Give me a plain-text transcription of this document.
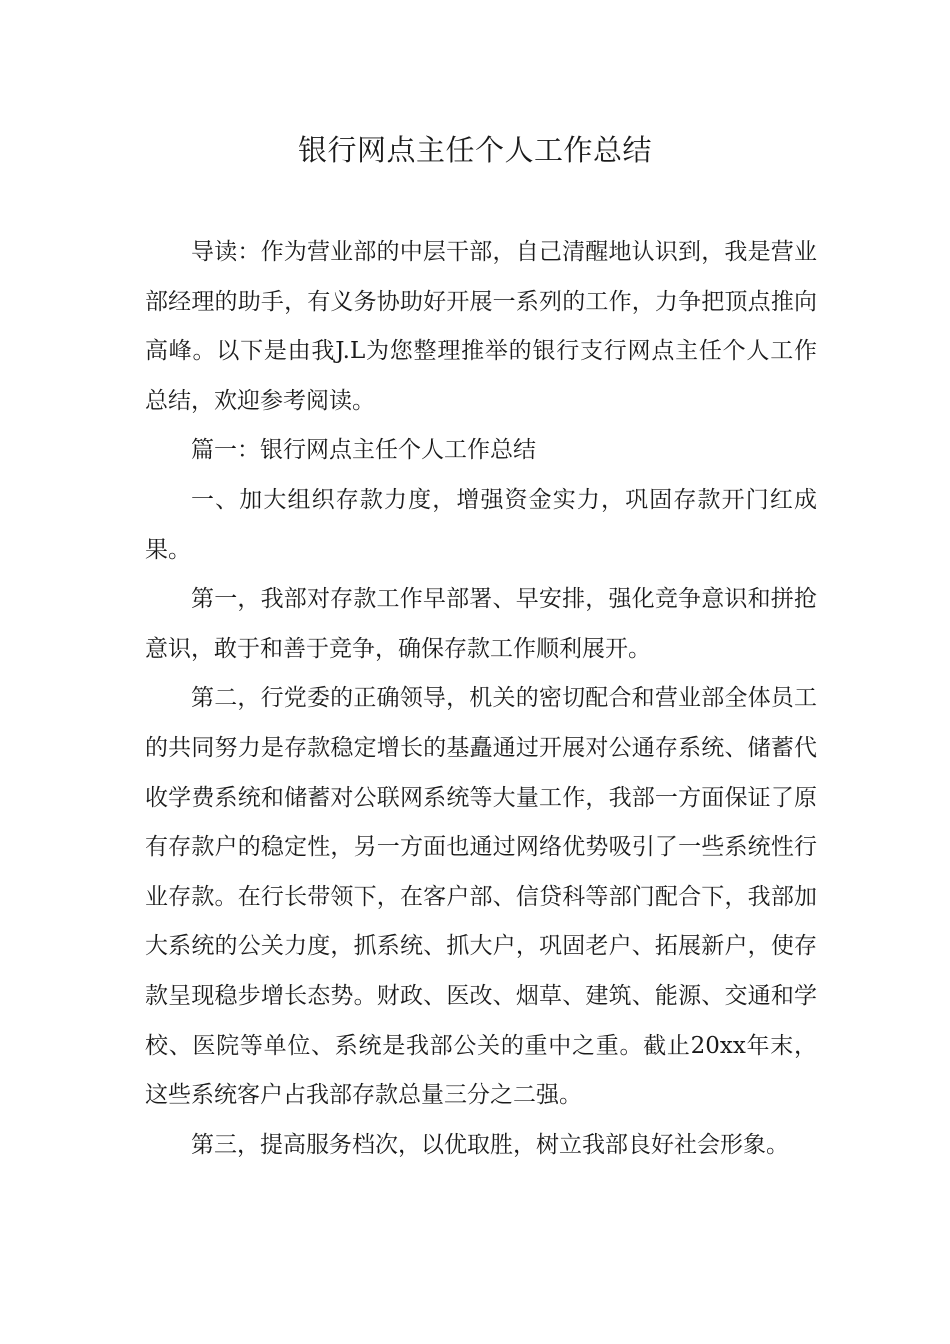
银行网点主任个人工作总结

导读：作为营业部的中层干部，自己清醒地认识到，我是营业部经理的助手，有义务协助好开展一系列的工作，力争把顶点推向高峰。以下是由我J.L为您整理推举的银行支行网点主任个人工作总结，欢迎参考阅读。

篇一：银行网点主任个人工作总结

一、加大组织存款力度，增强资金实力，巩固存款开门红成果。

第一，我部对存款工作早部署、早安排，强化竞争意识和拼抢意识，敢于和善于竞争，确保存款工作顺利展开。

第二，行党委的正确领导，机关的密切配合和营业部全体员工的共同努力是存款稳定增长的基矗通过开展对公通存系统、储蓄代收学费系统和储蓄对公联网系统等大量工作，我部一方面保证了原有存款户的稳定性，另一方面也通过网络优势吸引了一些系统性行业存款。在行长带领下，在客户部、信贷科等部门配合下，我部加大系统的公关力度，抓系统、抓大户，巩固老户、拓展新户，使存款呈现稳步增长态势。财政、医改、烟草、建筑、能源、交通和学校、医院等单位、系统是我部公关的重中之重。截止20xx年末，这些系统客户占我部存款总量三分之二强。

第三，提高服务档次，以优取胜，树立我部良好社会形象。
